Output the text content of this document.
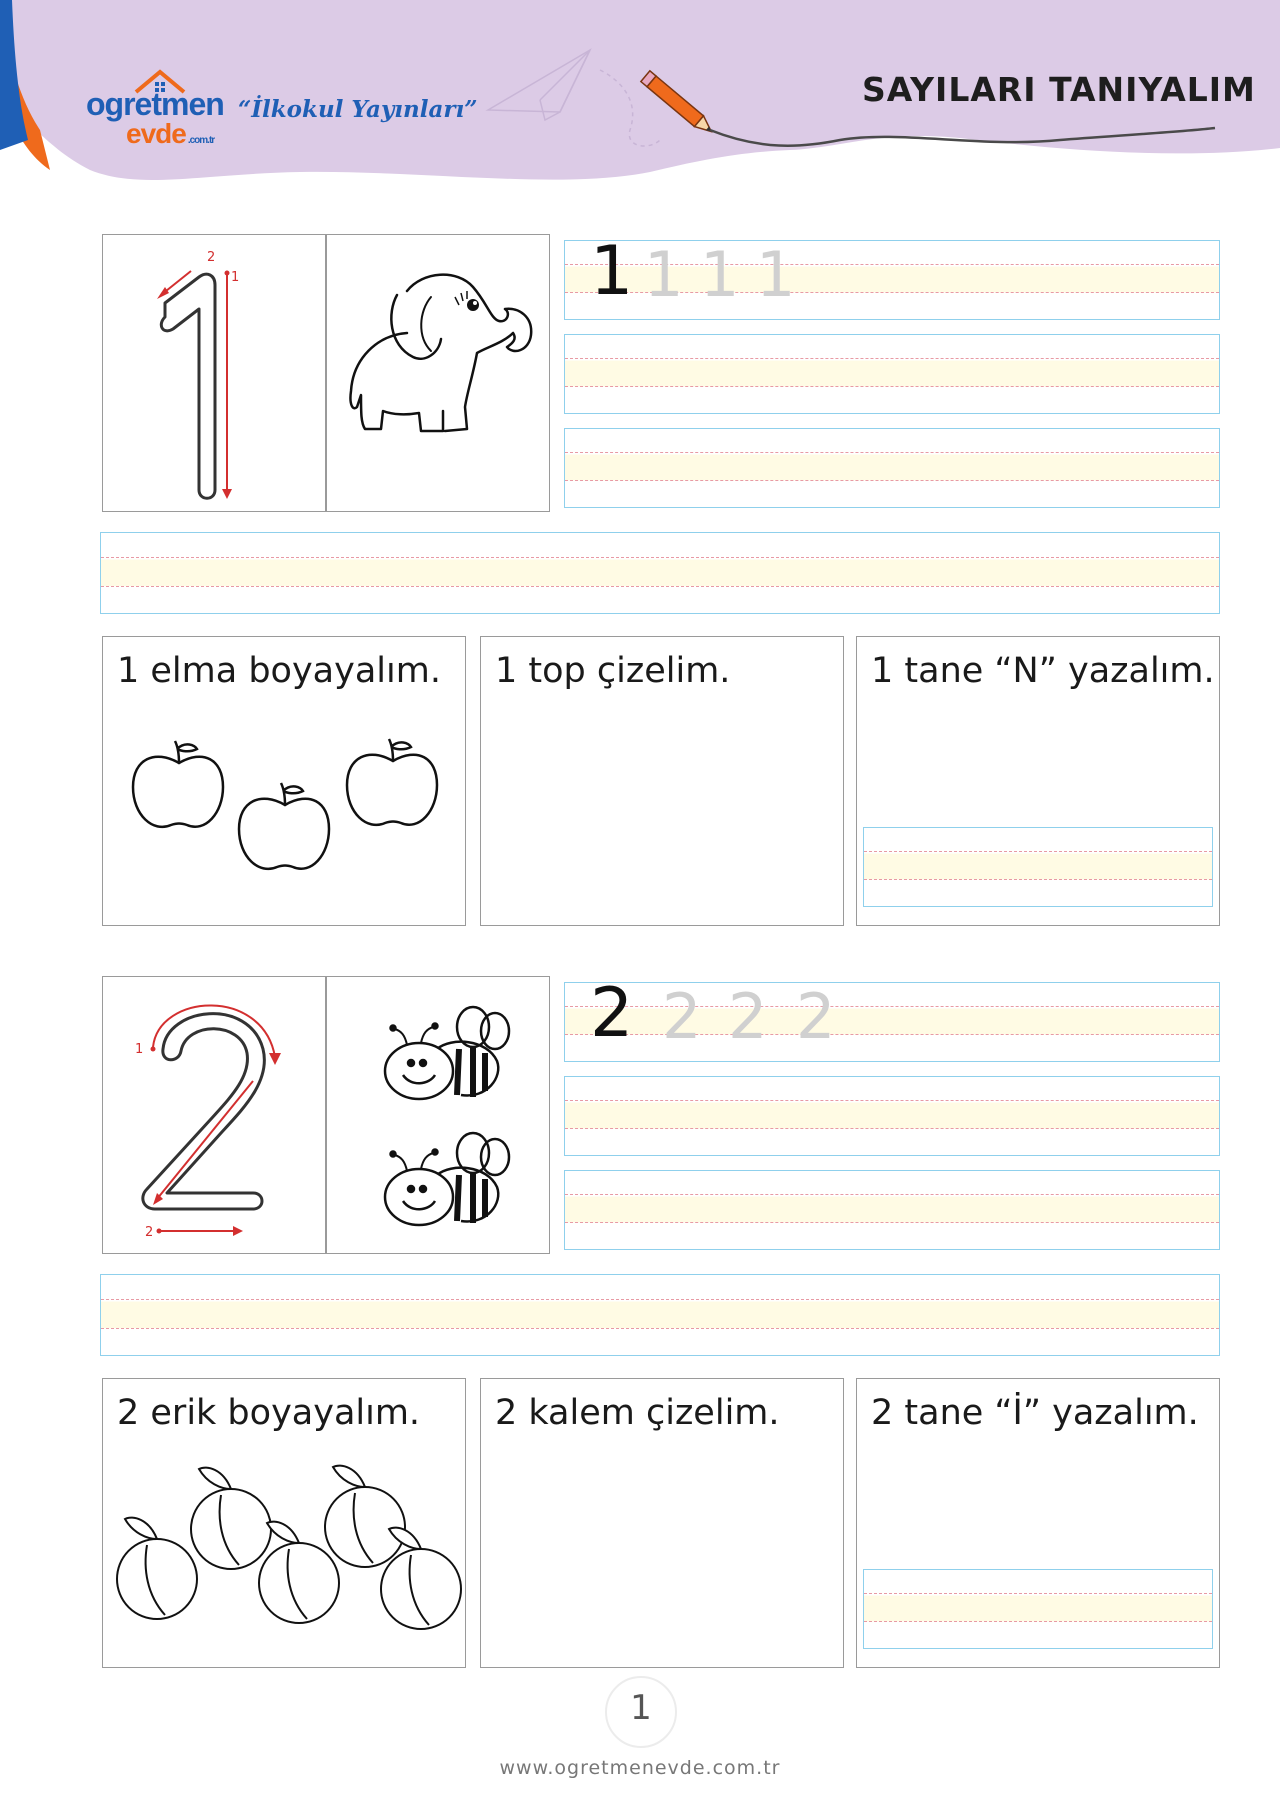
ogretmen
evde .com.tr
“İlkokul Yayınları”
SAYILARI TANIYALIM
1
2	1 1 1 1
1 elma boyayalım. 1 top çizelim.	1 tane “N” yazalım.
1
2
2 2 2 2
2 erik boyayalım. 2 kalem çizelim.	2 tane “İ” yazalım.
1
www.ogretmenevde.com.tr
